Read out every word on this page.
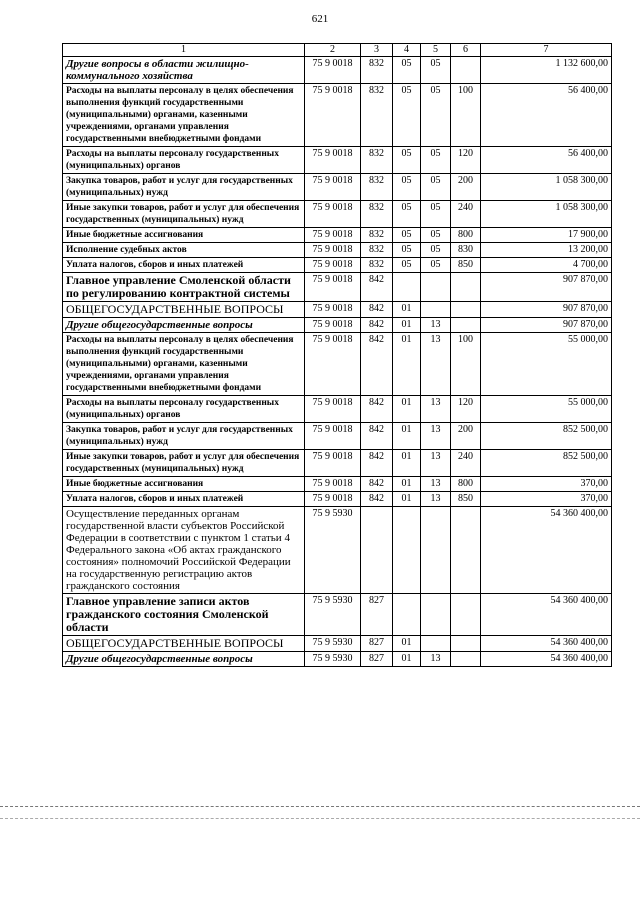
621
1	2	3	4	5	6	7
Другие вопросы в области жилищно-коммунального хозяйства	75 9 0018	832	05	05		1 132 600,00
Расходы на выплаты персоналу в целях обеспечения выполнения функций государственными (муниципальными) органами, казенными учреждениями, органами управления государственными внебюджетными фондами	75 9 0018	832	05	05	100	56 400,00
Расходы на выплаты персоналу государственных (муниципальных) органов	75 9 0018	832	05	05	120	56 400,00
Закупка товаров, работ и услуг для государственных (муниципальных) нужд	75 9 0018	832	05	05	200	1 058 300,00
Иные закупки товаров, работ и услуг для обеспечения государственных (муниципальных) нужд	75 9 0018	832	05	05	240	1 058 300,00
Иные бюджетные ассигнования	75 9 0018	832	05	05	800	17 900,00
Исполнение судебных актов	75 9 0018	832	05	05	830	13 200,00
Уплата налогов, сборов и иных платежей	75 9 0018	832	05	05	850	4 700,00
Главное управление Смоленской области по регулированию контрактной системы	75 9 0018	842				907 870,00
ОБЩЕГОСУДАРСТВЕННЫЕ ВОПРОСЫ	75 9 0018	842	01			907 870,00
Другие общегосударственные вопросы	75 9 0018	842	01	13		907 870,00
Расходы на выплаты персоналу в целях обеспечения выполнения функций государственными (муниципальными) органами, казенными учреждениями, органами управления государственными внебюджетными фондами	75 9 0018	842	01	13	100	55 000,00
Расходы на выплаты персоналу государственных (муниципальных) органов	75 9 0018	842	01	13	120	55 000,00
Закупка товаров, работ и услуг для государственных (муниципальных) нужд	75 9 0018	842	01	13	200	852 500,00
Иные закупки товаров, работ и услуг для обеспечения государственных (муниципальных) нужд	75 9 0018	842	01	13	240	852 500,00
Иные бюджетные ассигнования	75 9 0018	842	01	13	800	370,00
Уплата налогов, сборов и иных платежей	75 9 0018	842	01	13	850	370,00
Осуществление переданных органам государственной власти субъектов Российской Федерации в соответствии с пунктом 1 статьи 4 Федерального закона «Об актах гражданского состояния» полномочий Российской Федерации на государственную регистрацию актов гражданского состояния	75 9 5930					54 360 400,00
Главное управление записи актов гражданского состояния Смоленской области	75 9 5930	827				54 360 400,00
ОБЩЕГОСУДАРСТВЕННЫЕ ВОПРОСЫ	75 9 5930	827	01			54 360 400,00
Другие общегосударственные вопросы	75 9 5930	827	01	13		54 360 400,00
